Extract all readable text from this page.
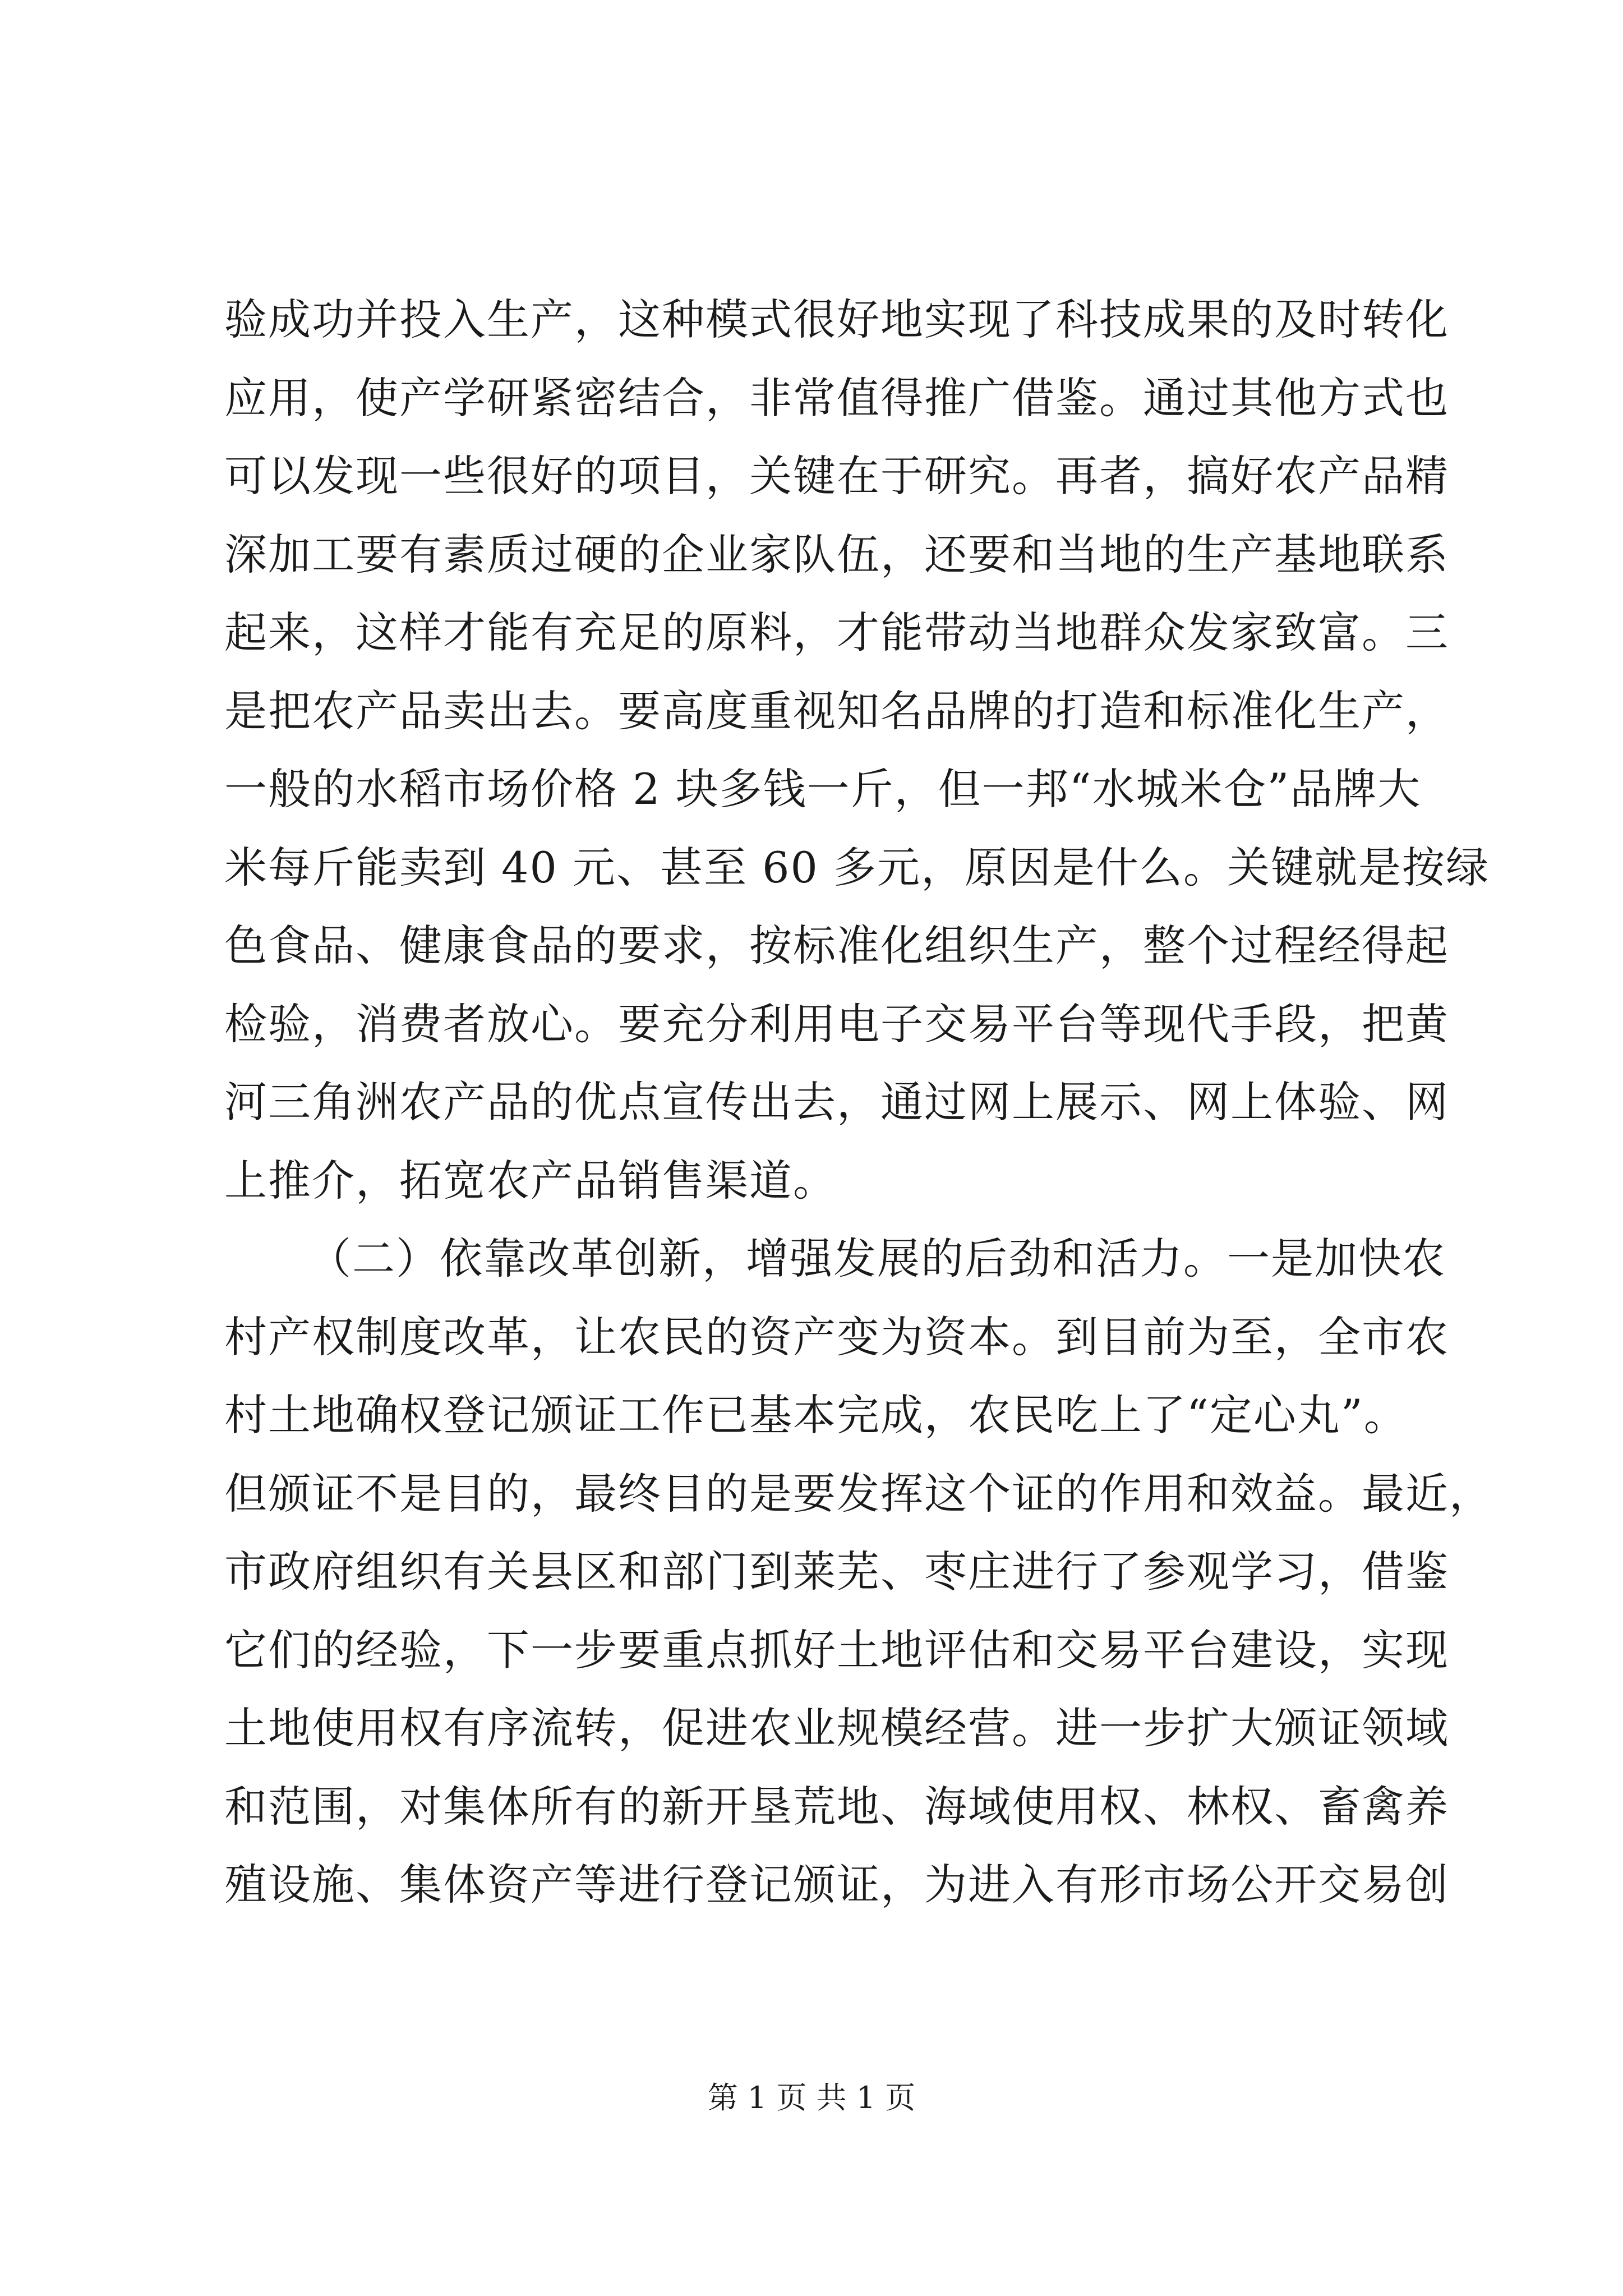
验成功并投入生产，这种模式很好地实现了科技成果的及时转化
应用，使产学研紧密结合，非常值得推广借鉴。通过其他方式也
可以发现一些很好的项目，关键在于研究。再者，搞好农产品精
深加工要有素质过硬的企业家队伍，还要和当地的生产基地联系
起来，这样才能有充足的原料，才能带动当地群众发家致富。三
是把农产品卖出去。要高度重视知名品牌的打造和标准化生产，
一般的水稻市场价格 2 块多钱一斤，但一邦“水城米仓”品牌大
米每斤能卖到 40 元、甚至 60 多元，原因是什么。关键就是按绿
色食品、健康食品的要求，按标准化组织生产，整个过程经得起
检验，消费者放心。要充分利用电子交易平台等现代手段，把黄
河三角洲农产品的优点宣传出去，通过网上展示、网上体验、网
上推介，拓宽农产品销售渠道。
（二）依靠改革创新，增强发展的后劲和活力。一是加快农
村产权制度改革，让农民的资产变为资本。到目前为至，全市农
村土地确权登记颁证工作已基本完成，农民吃上了“定心丸”。
但颁证不是目的，最终目的是要发挥这个证的作用和效益。最近，
市政府组织有关县区和部门到莱芜、枣庄进行了参观学习，借鉴
它们的经验，下一步要重点抓好土地评估和交易平台建设，实现
土地使用权有序流转，促进农业规模经营。进一步扩大颁证领域
和范围，对集体所有的新开垦荒地、海域使用权、林权、畜禽养
殖设施、集体资产等进行登记颁证，为进入有形市场公开交易创
第 1 页 共 1 页
